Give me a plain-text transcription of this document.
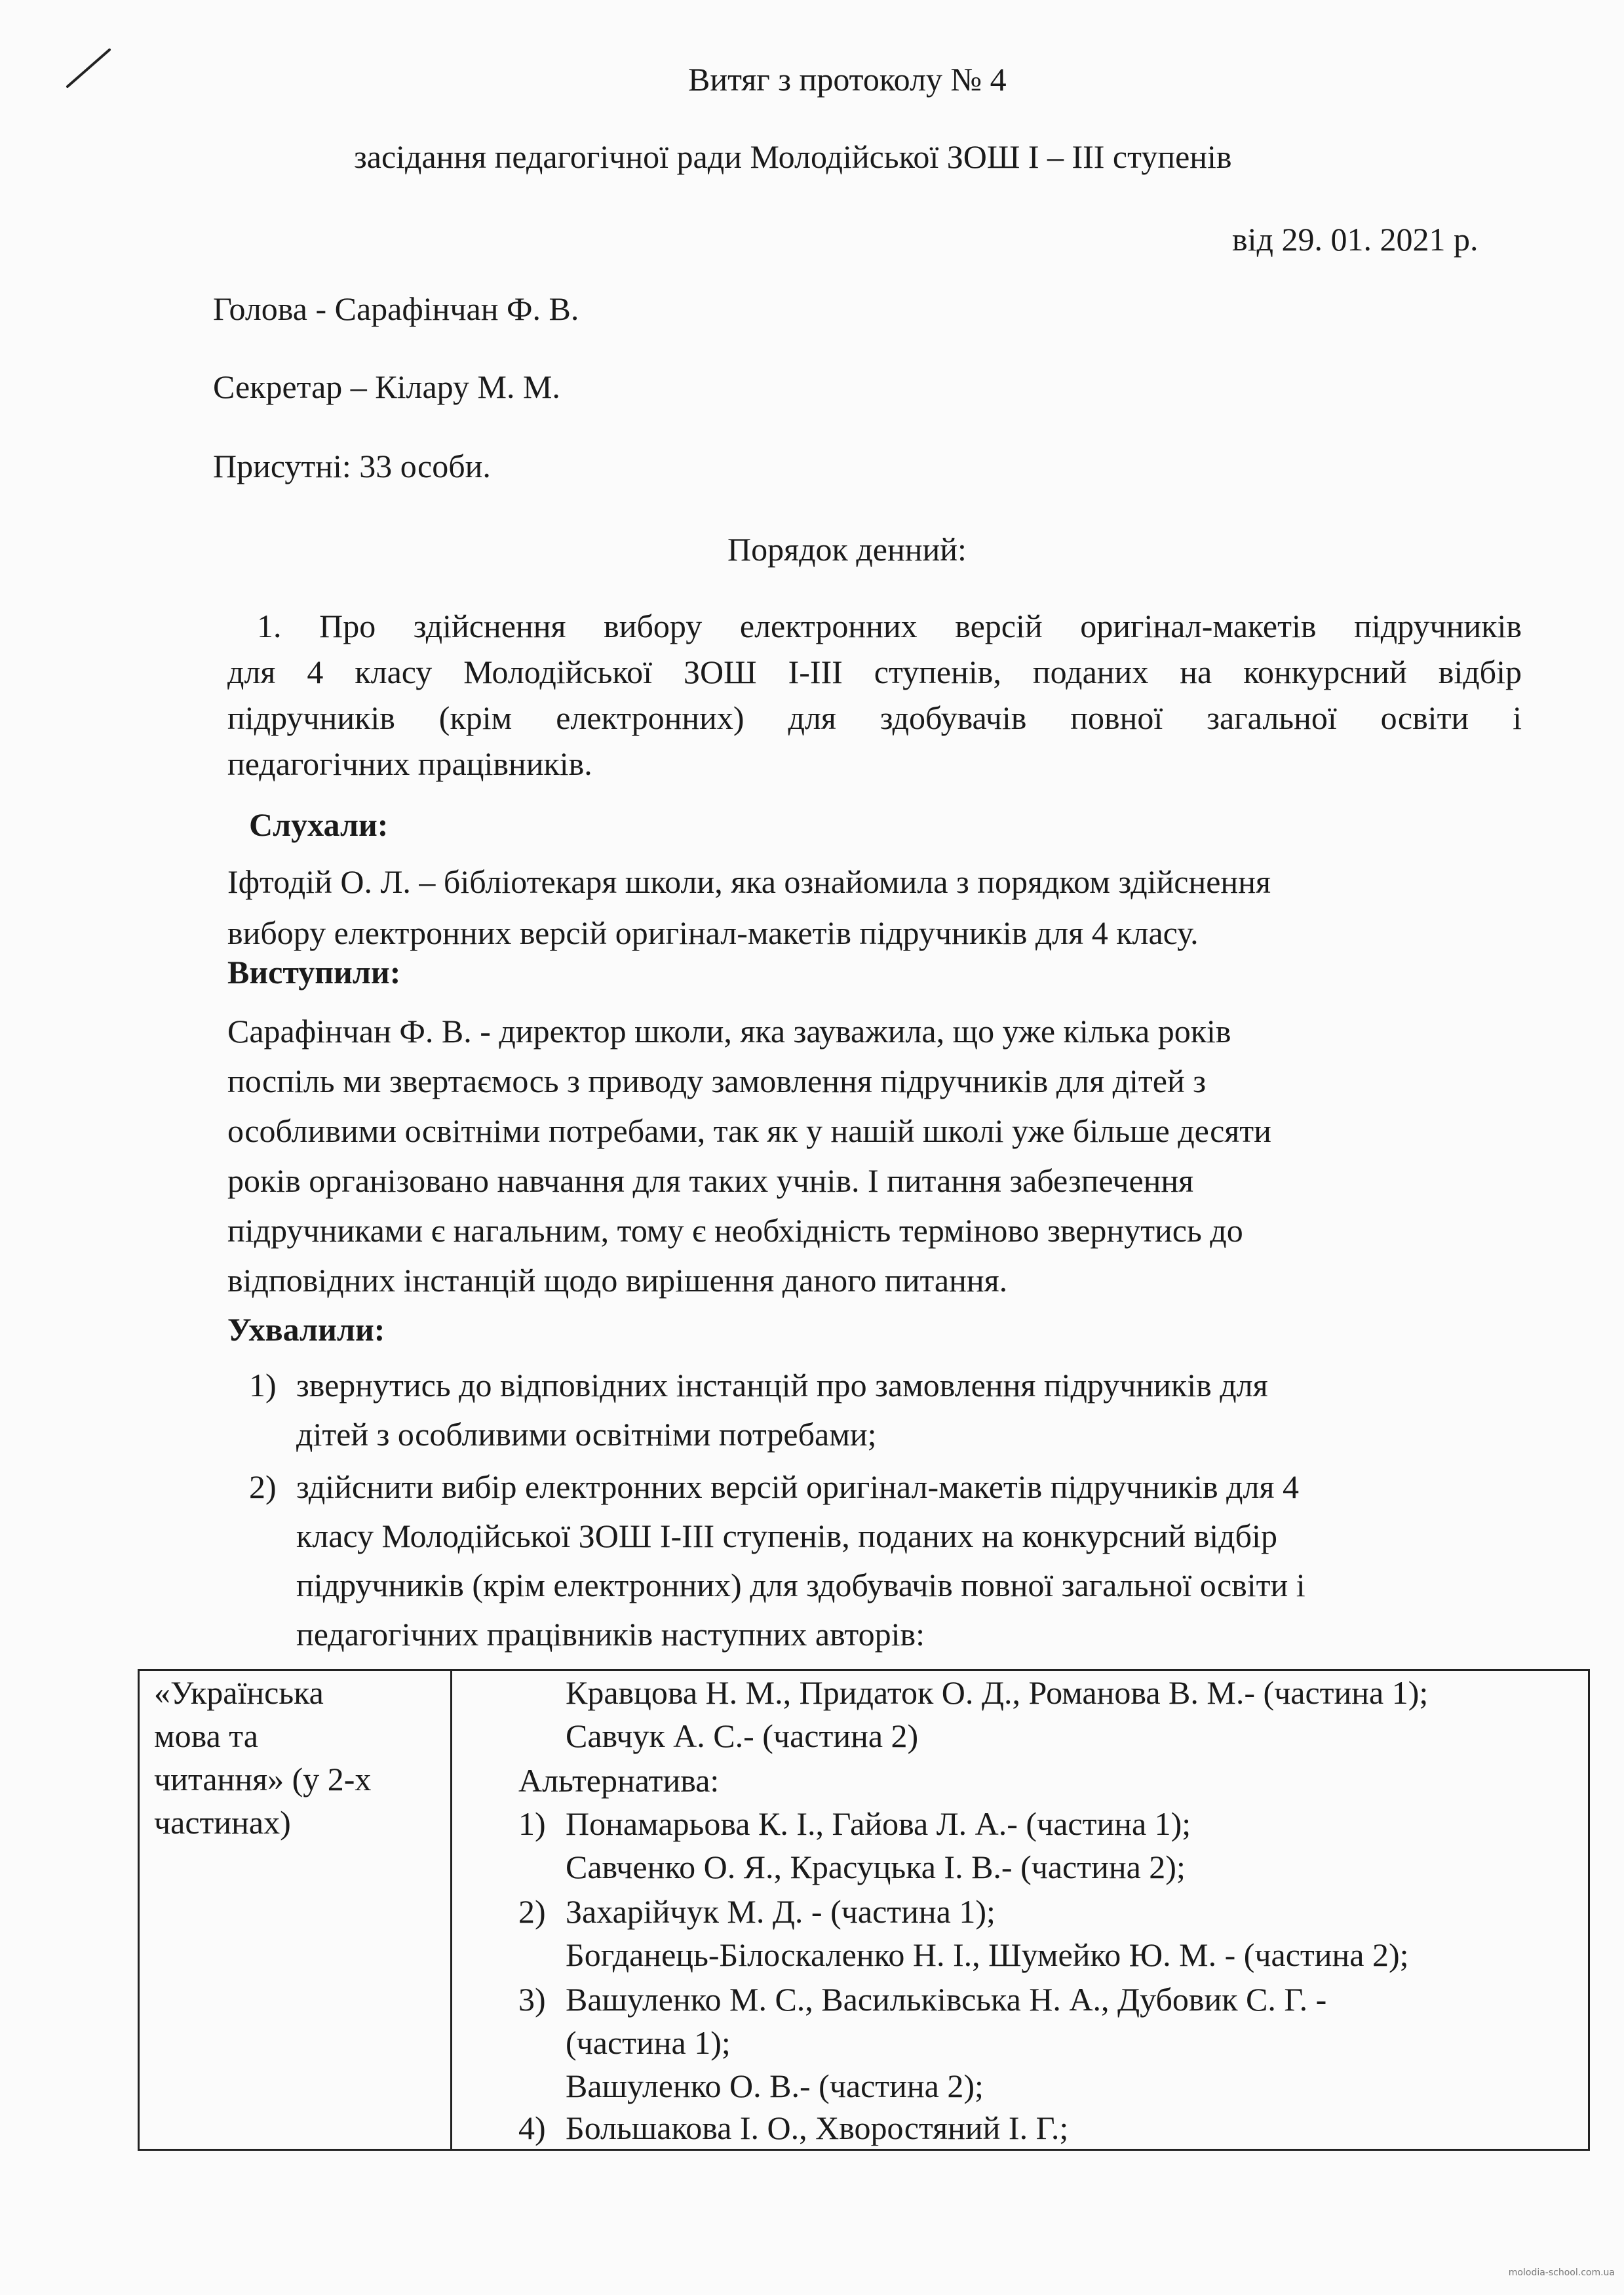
Витяг з протоколу № 4

засідання педагогічної ради Молодійської ЗОШ І – ІІІ ступенів

від 29. 01. 2021 р.

Голова - Сарафінчан Ф. В.

Секретар – Кілару М. М.

Присутні: 33 особи.

Порядок денний:

1. Про здійснення вибору електронних версій оригінал-макетів підручників
для 4 класу Молодійської ЗОШ І-ІІІ ступенів, поданих на конкурсний відбір
підручників (крім електронних) для здобувачів повної загальної освіти і
педагогічних працівників.

Слухали:

Іфтодій О. Л. – бібліотекаря школи, яка ознайомила з порядком здійснення

вибору електронних версій оригінал-макетів підручників для 4 класу.

Виступили:

Сарафінчан Ф. В. - директор школи, яка зауважила, що уже кілька років

поспіль ми звертаємось з приводу замовлення підручників для дітей з

особливими освітніми потребами, так як у нашій школі уже більше десяти

років організовано навчання для таких учнів. І питання забезпечення

підручниками є нагальним, тому є необхідність терміново звернутись до

відповідних інстанцій щодо вирішення даного питання.

Ухвалили:

1) звернутись до відповідних інстанцій про замовлення підручників для

дітей з особливими освітніми потребами;

2) здійснити вибір електронних версій оригінал-макетів підручників для 4

класу Молодійської ЗОШ І-ІІІ ступенів, поданих на конкурсний відбір

підручників (крім електронних) для здобувачів повної загальної освіти і

педагогічних працівників наступних авторів:

«Українська
мова та
читання» (у 2-х
частинах)
Кравцова Н. М., Придаток О. Д., Романова В. М.- (частина 1);
Савчук А. С.- (частина 2)
Альтернатива:
1) Понамарьова К. І., Гайова Л. А.- (частина 1);
Савченко О. Я., Красуцька І. В.- (частина 2);
2) Захарійчук М. Д. - (частина 1);
Богданець-Білоскаленко Н. І., Шумейко Ю. М. - (частина 2);
3) Вашуленко М. С., Васильківська Н. А., Дубовик С. Г. -
(частина 1);
Вашуленко О. В.- (частина 2);
4) Большакова І. О., Хворостяний І. Г.;
molodia-school.com.ua
